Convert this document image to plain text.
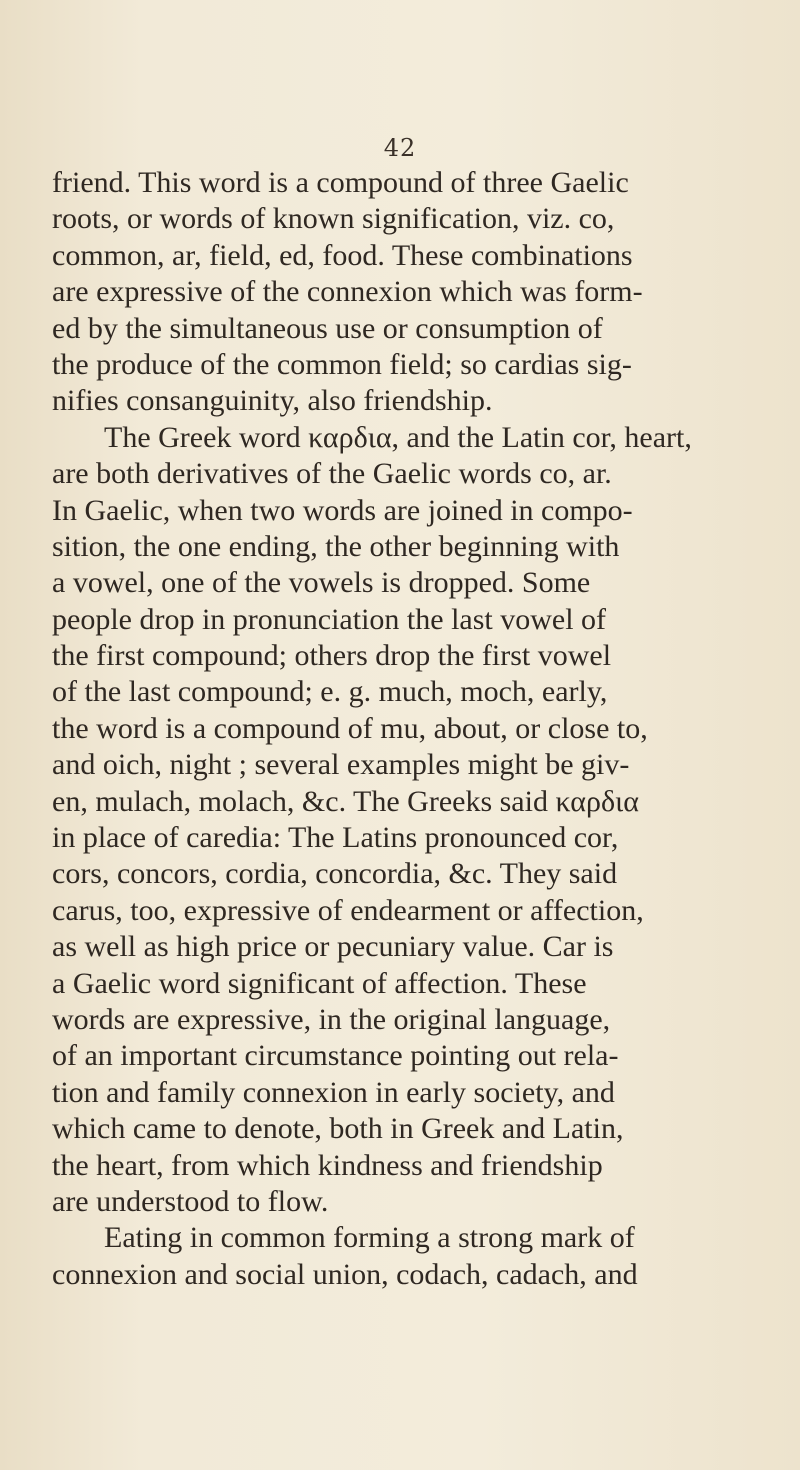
42
friend. This word is a compound of three Gaelic
roots, or words of known signification, viz. co,
common, ar, field, ed, food. These combinations
are expressive of the connexion which was form-
ed by the simultaneous use or consumption of
the produce of the common field; so cardias sig-
nifies consanguinity, also friendship.
The Greek word καρδια, and the Latin cor, heart,
are both derivatives of the Gaelic words co, ar.
In Gaelic, when two words are joined in compo-
sition, the one ending, the other beginning with
a vowel, one of the vowels is dropped. Some
people drop in pronunciation the last vowel of
the first compound; others drop the first vowel
of the last compound; e. g. much, moch, early,
the word is a compound of mu, about, or close to,
and oich, night ; several examples might be giv-
en, mulach, molach, &c. The Greeks said καρδια
in place of caredia: The Latins pronounced cor,
cors, concors, cordia, concordia, &c. They said
carus, too, expressive of endearment or affection,
as well as high price or pecuniary value. Car is
a Gaelic word significant of affection. These
words are expressive, in the original language,
of an important circumstance pointing out rela-
tion and family connexion in early society, and
which came to denote, both in Greek and Latin,
the heart, from which kindness and friendship
are understood to flow.
Eating in common forming a strong mark of
connexion and social union, codach, cadach, and
